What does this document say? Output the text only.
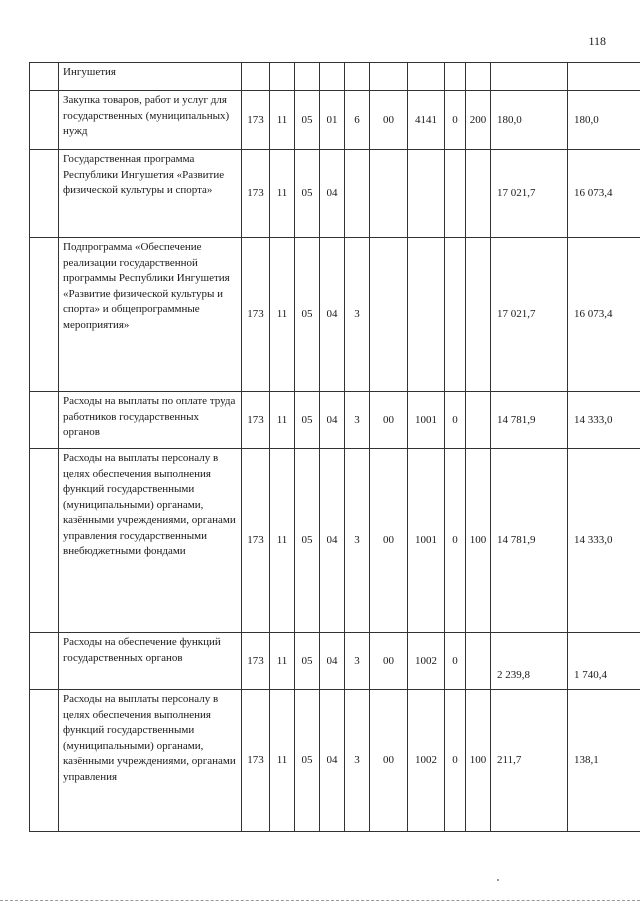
118
	Ингушетия											
	Закупка товаров, работ и услуг для государственных (муниципальных) нужд	173	11	05	01	6	00	4141	0	200	180,0	180,0
	Государственная программа Республики Ингушетия «Развитие физической культуры и спорта»	173	11	05	04						17 021,7	16 073,4
	Подпрограмма «Обеспечение реализации государственной программы Республики Ингушетия «Развитие физической культуры и спорта» и общепрограммные мероприятия»	173	11	05	04	3					17 021,7	16 073,4
	Расходы на выплаты по оплате труда работников государственных органов	173	11	05	04	3	00	1001	0		14 781,9	14 333,0
	Расходы на выплаты персоналу в целях обеспечения выполнения функций государственными (муниципальными) органами, казёнными учреждениями, органами управления государственными внебюджетными фондами	173	11	05	04	3	00	1001	0	100	14 781,9	14 333,0
	Расходы на обеспечение функций государственных органов	173	11	05	04	3	00	1002	0		2 239,8	1 740,4
	Расходы на выплаты персоналу в целях обеспечения выполнения функций государственными (муниципальными) органами, казёнными учреждениями, органами управления	173	11	05	04	3	00	1002	0	100	211,7	138,1
